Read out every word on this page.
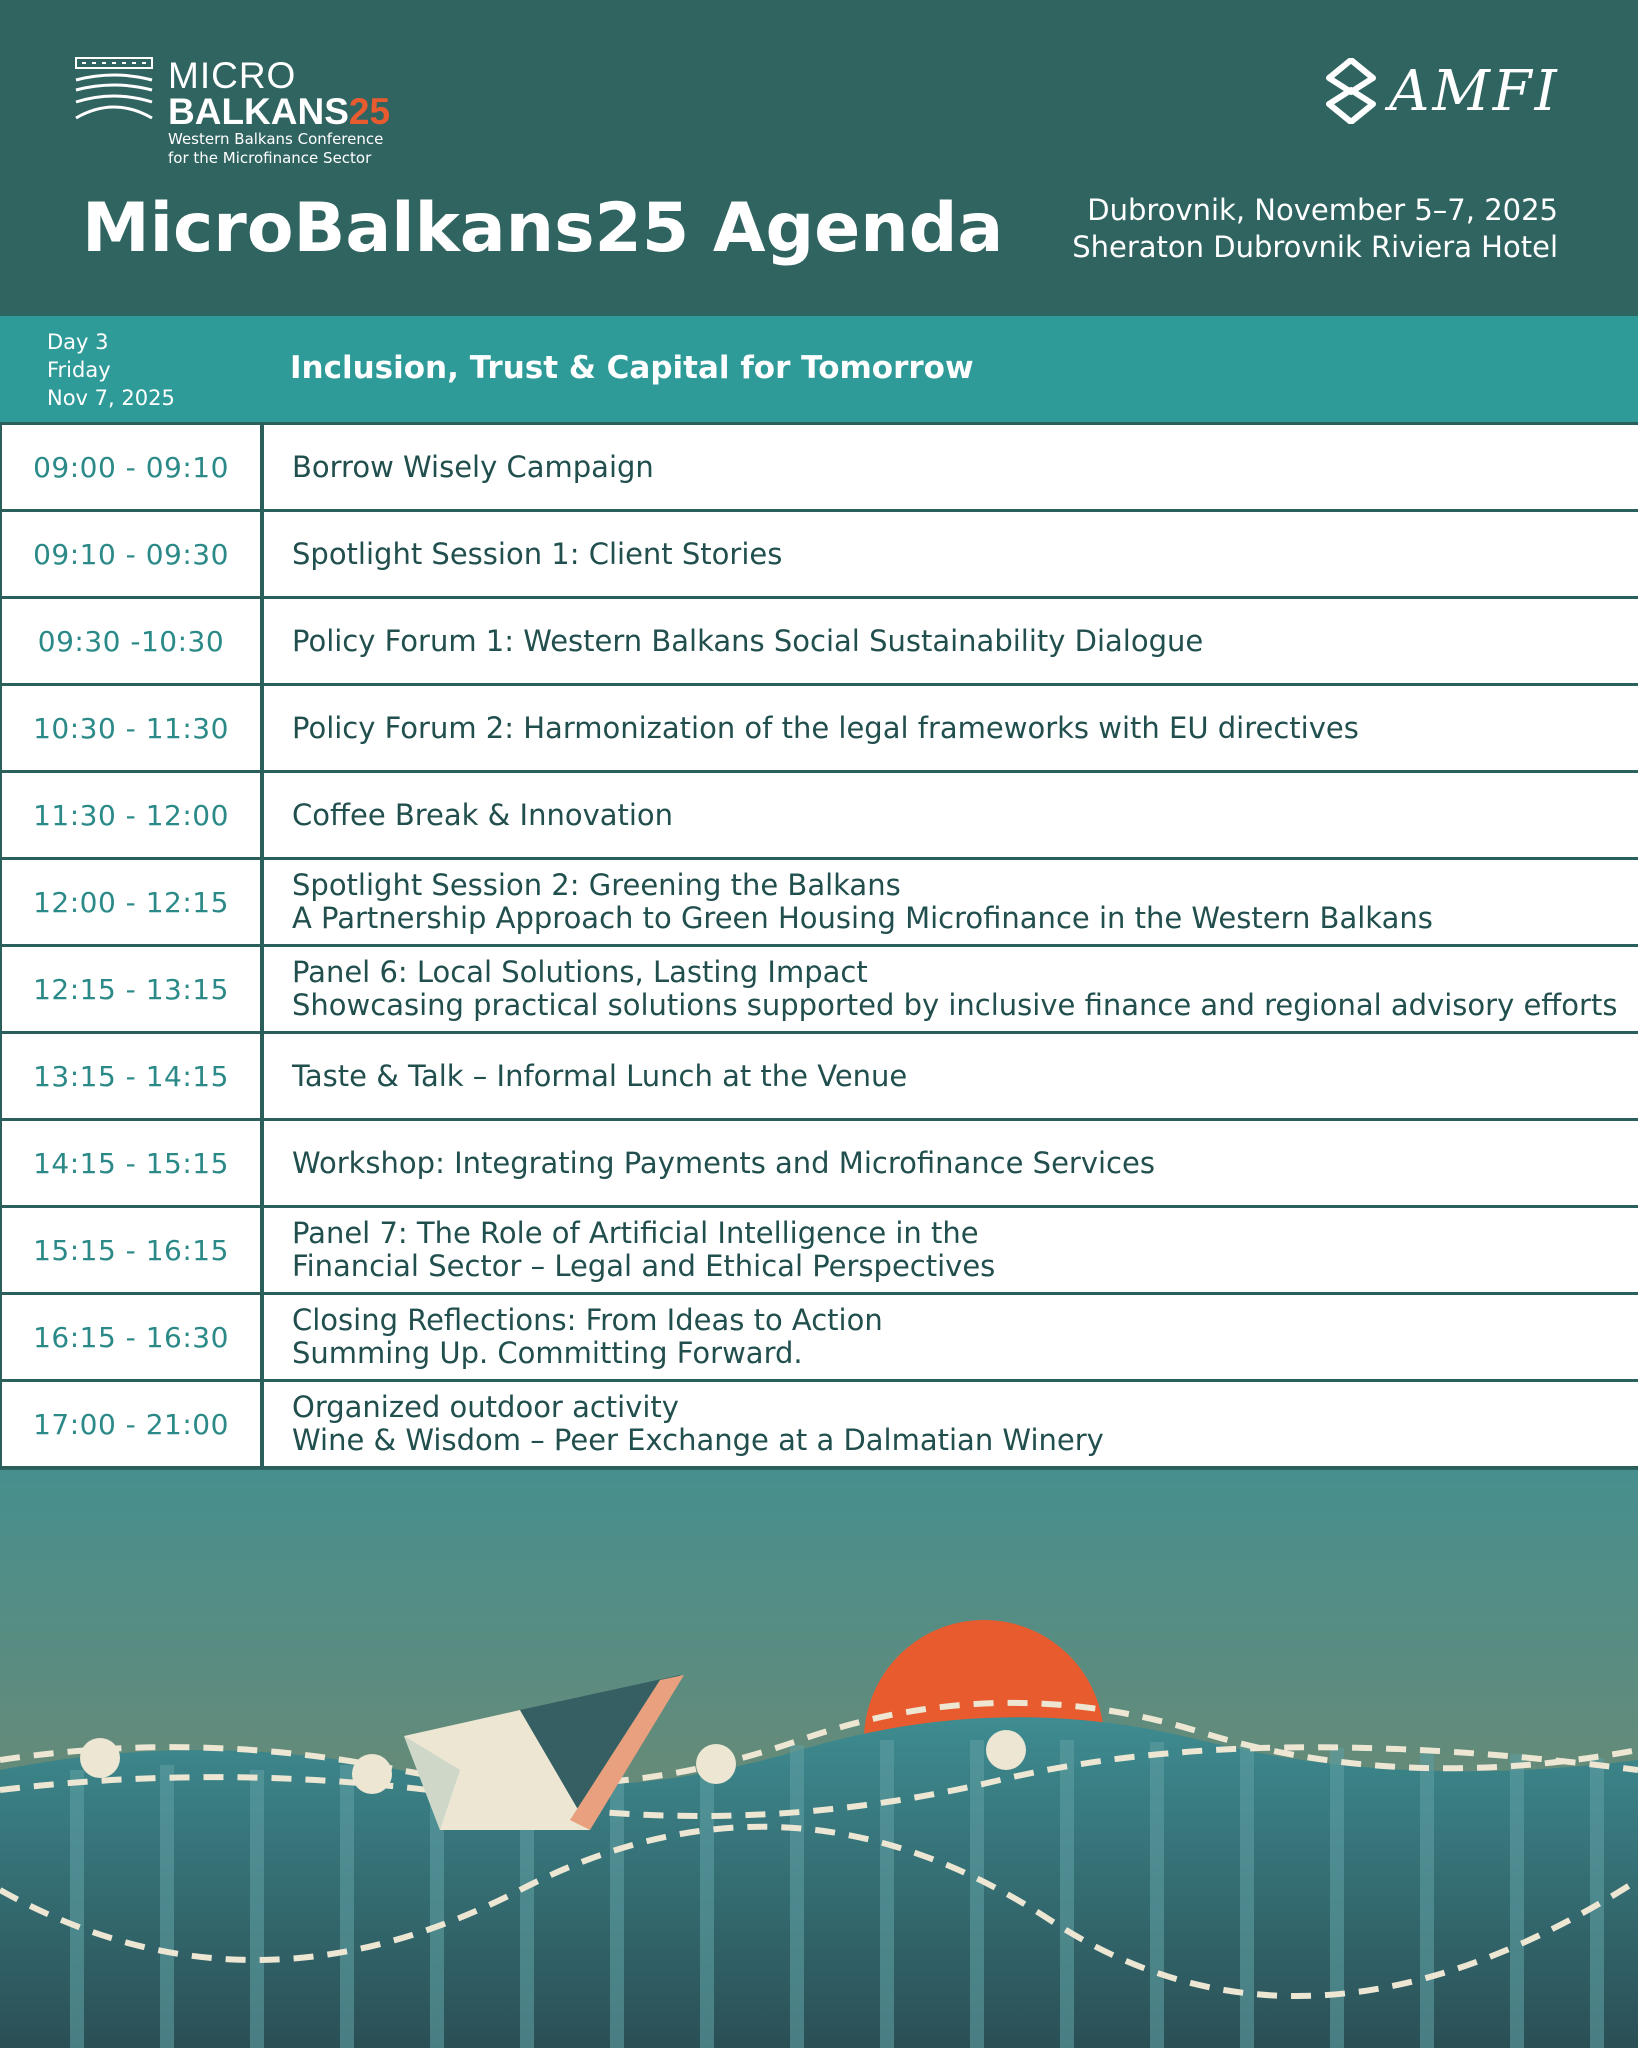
MICRO
BALKANS25
Western Balkans Conference
for the Microfinance Sector
AMFI
MicroBalkans25 Agenda	Dubrovnik, November 5–7, 2025
Sheraton Dubrovnik Riviera Hotel
Day 3
Friday
Nov 7, 2025
Inclusion, Trust & Capital for Tomorrow
09:00 - 09:10	Borrow Wisely Campaign
09:10 - 09:30	Spotlight Session 1: Client Stories
09:30 -10:30	Policy Forum 1: Western Balkans Social Sustainability Dialogue
10:30 - 11:30	Policy Forum 2: Harmonization of the legal frameworks with EU directives
11:30 - 12:00	Coffee Break & Innovation
12:00 - 12:15	Spotlight Session 2: Greening the Balkans
A Partnership Approach to Green Housing Microfinance in the Western Balkans
12:15 - 13:15	Panel 6: Local Solutions, Lasting Impact
Showcasing practical solutions supported by inclusive finance and regional advisory efforts
13:15 - 14:15	Taste & Talk – Informal Lunch at the Venue
14:15 - 15:15	Workshop: Integrating Payments and Microfinance Services
15:15 - 16:15	Panel 7: The Role of Artificial Intelligence in the
Financial Sector – Legal and Ethical Perspectives
16:15 - 16:30	Closing Reflections: From Ideas to Action
Summing Up. Committing Forward.
17:00 - 21:00	Organized outdoor activity
Wine & Wisdom – Peer Exchange at a Dalmatian Winery
